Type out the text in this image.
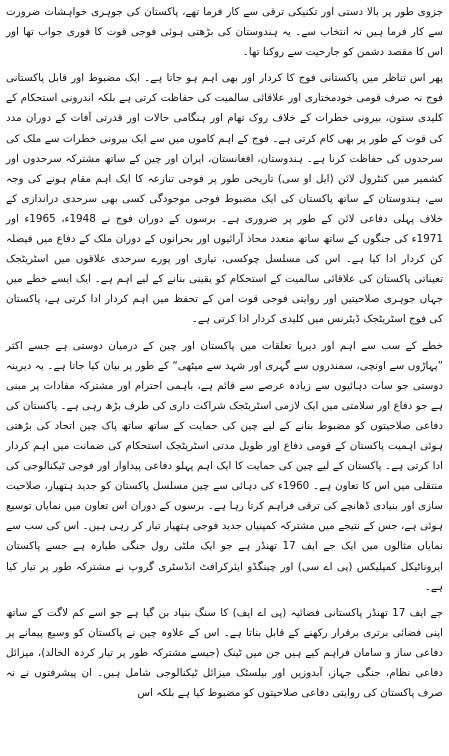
جزوی طور پر بالا دستی اور تکنیکی ترقی سے کار فرما تھے، پاکستان کی جوہری خواہشات ضرورت سے کار فرما ہیں نہ انتخاب سے۔ یہ ہندوستان کی بڑھتی ہوئی فوجی قوت کا فوری جواب تھا اور اس کا مقصد دشمن کو جارحیت سے روکنا تھا۔

پھر اس تناظر میں پاکستانی فوج کا کردار اور بھی اہم ہو جاتا ہے۔ ایک مضبوط اور قابل پاکستانی فوج نہ صرف قومی خودمختاری اور علاقائی سالمیت کی حفاظت کرتی ہے بلکہ اندرونی استحکام کے کلیدی ستون، بیرونی خطرات کے خلاف روک تھام اور ہنگامی حالات اور قدرتی آفات کے دوران مدد کی قوت کے طور پر بھی کام کرتی ہے۔ فوج کے اہم کاموں میں سے ایک بیرونی خطرات سے ملک کی سرحدوں کی حفاظت کرنا ہے۔ ہندوستان، افغانستان، ایران اور چین کے ساتھ مشترکہ سرحدوں اور کشمیر میں کنٹرول لائن (ایل او سی) تاریخی طور پر فوجی تنازعہ کا ایک اہم مقام ہونے کی وجہ سے، ہندوستان کے ساتھ پاکستان کی ایک مضبوط فوجی موجودگی کسی بھی سرحدی دراندازی کے خلاف پہلی دفاعی لائن کے طور پر ضروری ہے۔ برسوں کے دوران فوج نے 1948ء، 1965ء اور 1971ء کی جنگوں کے ساتھ ساتھ متعدد محاذ آرائیوں اور بحرانوں کے دوران ملک کے دفاع میں فیصلہ کن کردار ادا کیا ہے۔ اس کی مسلسل چوکسی، تیاری اور پورے سرحدی علاقوں میں اسٹریٹجک تعیناتی پاکستان کی علاقائی سالمیت کے استحکام کو یقینی بنانے کے لیے اہم ہے۔ ایک ایسے خطے میں جہاں جوہری صلاحیتیں اور روایتی فوجی قوت امن کے تحفظ میں اہم کردار ادا کرتی ہے، پاکستان کی فوج اسٹریٹجک ڈیٹرنس میں کلیدی کردار ادا کرتی ہے۔

خطے کے سب سے اہم اور دیرپا تعلقات میں پاکستان اور چین کے درمیان دوستی ہے جسے اکثر ”پہاڑوں سے اونچی، سمندروں سے گہری اور شہد سے میٹھی“ کے طور پر بیان کیا جاتا ہے۔ یہ دیرینہ دوستی جو سات دہائیوں سے زیادہ عرصے سے قائم ہے، باہمی احترام اور مشترکہ مفادات پر مبنی ہے جو دفاع اور سلامتی میں ایک لازمی اسٹریٹجک شراکت داری کی طرف بڑھ رہی ہے۔ پاکستان کی دفاعی صلاحیتوں کو مضبوط بنانے کے لیے چین کی حمایت کے ساتھ ساتھ پاک چین اتحاد کی بڑھتی ہوئی اہمیت پاکستان کے قومی دفاع اور طویل مدتی اسٹریٹجک استحکام کی ضمانت میں اہم کردار ادا کرتی ہے۔ پاکستان کے لیے چین کی حمایت کا ایک اہم پہلو دفاعی پیداوار اور فوجی ٹیکنالوجی کی منتقلی میں اس کا تعاون ہے۔ 1960ء کی دہائی سے چین مسلسل پاکستان کو جدید ہتھیار، صلاحیت سازی اور بنیادی ڈھانچے کی ترقی فراہم کرتا رہا ہے۔ برسوں کے دوران اس تعاون میں نمایاں توسیع ہوئی ہے، جس کے نتیجے میں مشترکہ کمپنیاں جدید فوجی ہتھیار تیار کر رہی ہیں۔ اس کی سب سے نمایاں مثالوں میں ایک جے ایف 17 تھنڈر ہے جو ایک ملٹی رول جنگی طیارہ ہے جسے پاکستان ایروناٹیکل کمپلیکس (پی اے سی) اور چینگڈو ایئرکرافٹ انڈسٹری گروپ نے مشترکہ طور پر تیار کیا ہے۔

جے ایف 17 تھنڈر پاکستانی فضائیہ (پی اے ایف) کا سنگ بنیاد بن گیا ہے جو اسے کم لاگت کے ساتھ اپنی فضائی برتری برقرار رکھنے کے قابل بناتا ہے۔ اس کے علاوہ چین نے پاکستان کو وسیع پیمانے پر دفاعی ساز و سامان فراہم کیے ہیں جن میں ٹینک (جیسے مشترکہ طور پر تیار کردہ الخالد)، میزائل دفاعی نظام، جنگی جہاز، آبدوزیں اور بیلسٹک میزائل ٹیکنالوجی شامل ہیں۔ ان پیشرفتوں نے نہ صرف پاکستان کی روایتی دفاعی صلاحیتوں کو مضبوط کیا ہے بلکہ اس
